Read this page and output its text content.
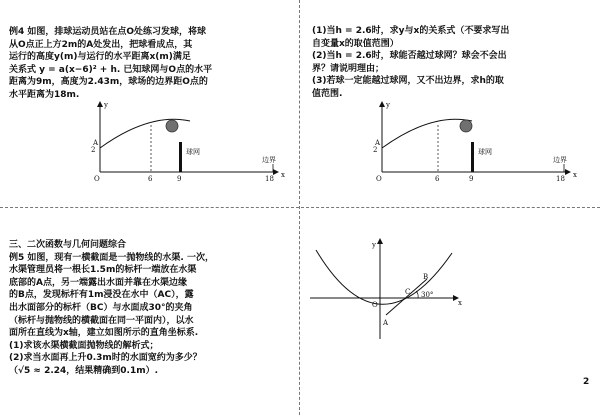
例4 如图，排球运动员站在点O处练习发球，将球
从O点正上方2m的A处发出，把球看成点，其
运行的高度y(m)与运行的水平距离x(m)满足
关系式 y = a(x−6)² + h. 已知球网与O点的水平
距离为9m，高度为2.43m，球场的边界距O点的
水平距离为18m.
y
x
O
A
2
6	9	18
球网
边界
(1)当h = 2.6时，求y与x的关系式（不要求写出
自变量x的取值范围）
(2)当h = 2.6时，球能否越过球网？球会不会出
界？请说明理由；
(3)若球一定能越过球网，又不出边界，求h的取
值范围.
y
x
O
A
2
6	9	18
球网
边界
三、二次函数与几何问题综合
例5 如图，现有一横截面是一抛物线的水渠. 一次，
水渠管理员将一根长1.5m的标杆一端放在水渠
底部的A点，另一端露出水面并靠在水渠边缘
的B点，发现标杆有1m浸没在水中（AC），露
出水面部分的标杆（BC）与水面成30°的夹角
（标杆与抛物线的横截面在同一平面内），以水
面所在直线为x轴，建立如图所示的直角坐标系.
(1)求该水渠横截面抛物线的解析式；
(2)求当水面再上升0.3m时的水面宽约为多少？
（√5 ≈ 2.24，结果精确到0.1m）.
y
x
O
A
B
C 30°
2
